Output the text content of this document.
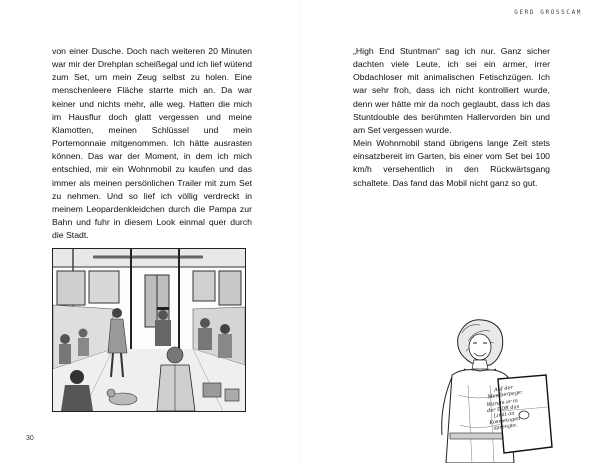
von einer Dusche. Doch nach weiteren 20 Minuten war mir der Drehplan scheißegal und ich lief wütend zum Set, um mein Zeug selbst zu holen. Eine menschenleere Fläche starrte mich an. Da war keiner und nichts mehr, alle weg. Hatten die mich im Hausflur doch glatt vergessen und meine Klamotten, meinen Schlüssel und mein Portemonnaie mitgenommen. Ich hätte ausrasten können. Das war der Moment, in dem ich mich entschied, mir ein Wohnmobil zu kaufen und das immer als meinen persönlichen Trailer mit zum Set zu nehmen. Und so lief ich völlig verdreckt in meinem Leopardenkleidchen durch die Pampa zur Bahn und fuhr in diesem Look einmal quer durch die Stadt.

30
GERD GROSSCAM

„High End Stuntman“ sag ich nur. Ganz sicher dachten viele Leute, ich sei ein armer, irrer Obdachloser mit animalischen Fetischzügen. Ich war sehr froh, dass ich nicht kontrolliert wurde, denn wer hätte mir da noch geglaubt, dass ich das Stuntdouble des berühmten Hallervorden bin und am Set vergessen wurde.

Mein Wohnmobil stand übrigens lange Zeit stets einsatzbereit im Garten, bis einer vom Set bei 100 km/h versehentlich in den Rückwärtsgang schaltete. Das fand das Mobil nicht ganz so gut.

Auf der Memberpage:
Warum er in der DDR das Limit an Kosmetagen sprengte.
